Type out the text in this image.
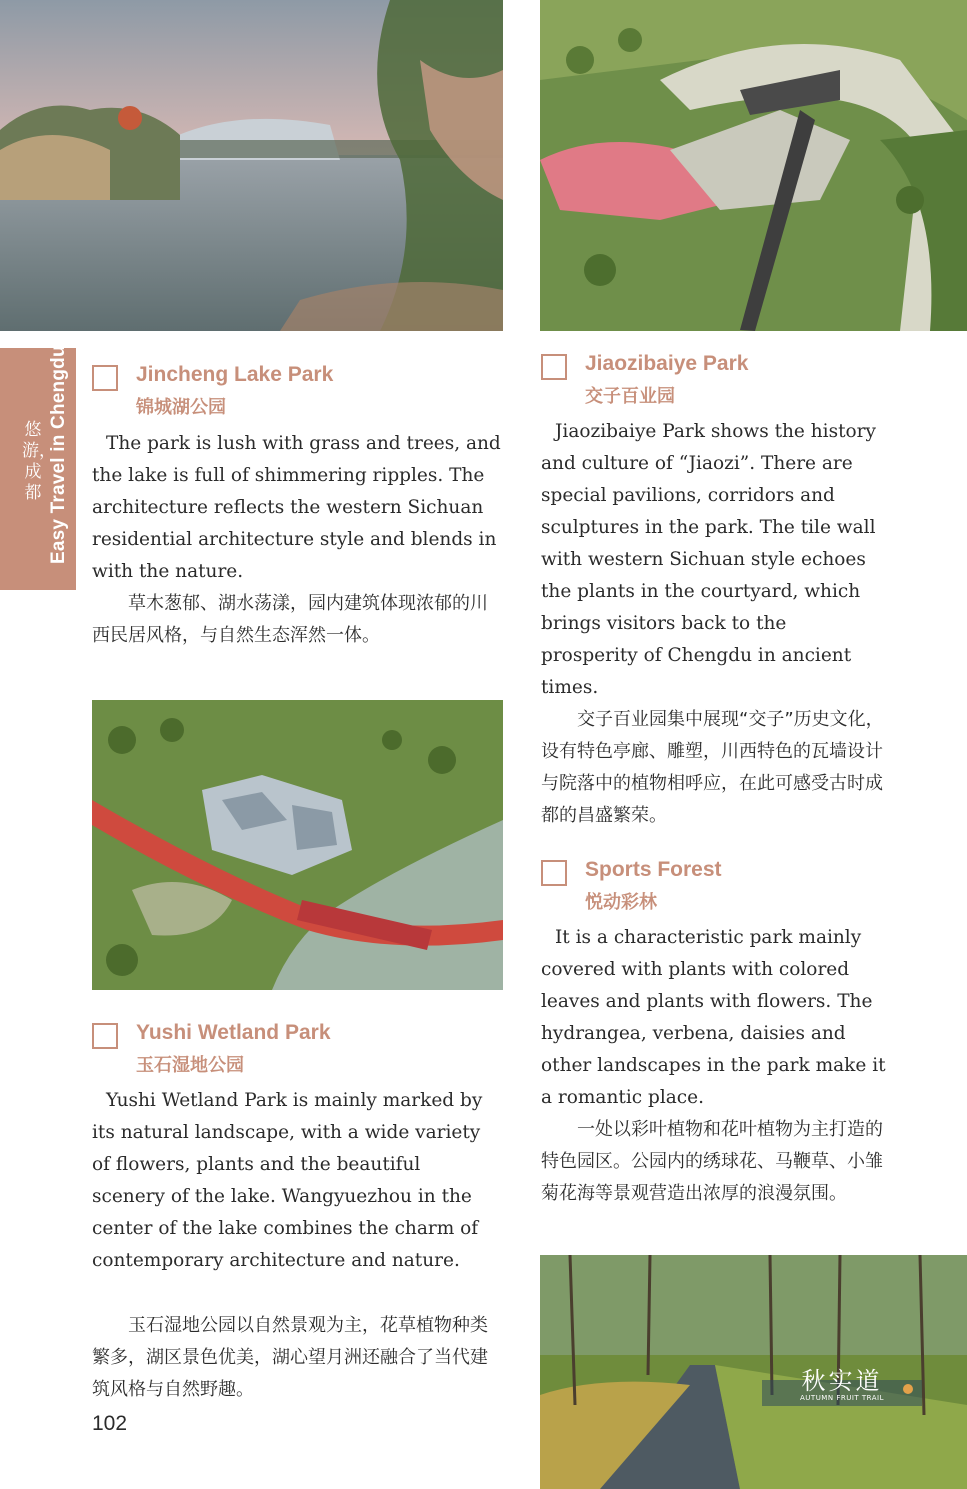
Easy Travel in Chengdu
悠游，成都
Jincheng Lake Park
锦城湖公园

The park is lush with grass and trees, and the lake is full of shimmering ripples. The architecture reflects the western Sichuan residential architecture style and blends in with the nature.

草木葱郁、湖水荡漾，园内建筑体现浓郁的川西民居风格，与自然生态浑然一体。

Yushi Wetland Park
玉石湿地公园

Yushi Wetland Park is mainly marked by its natural landscape, with a wide variety of flowers, plants and the beautiful scenery of the lake. Wangyuezhou in the center of the lake combines the charm of contemporary architecture and nature.

玉石湿地公园以自然景观为主，花草植物种类繁多，湖区景色优美，湖心望月洲还融合了当代建筑风格与自然野趣。

102
Jiaozibaiye Park
交子百业园

Jiaozibaiye Park shows the history and culture of “Jiaozi”. There are special pavilions, corridors and sculptures in the park. The tile wall with western Sichuan style echoes the plants in the courtyard, which brings visitors back to the prosperity of Chengdu in ancient times.

交子百业园集中展现“交子”历史文化，设有特色亭廊、雕塑，川西特色的瓦墙设计与院落中的植物相呼应，在此可感受古时成都的昌盛繁荣。

Sports Forest
悦动彩林

It is a characteristic park mainly covered with plants with colored leaves and plants with flowers. The hydrangea, verbena, daisies and other landscapes in the park make it a romantic place.

一处以彩叶植物和花叶植物为主打造的特色园区。公园内的绣球花、马鞭草、小雏菊花海等景观营造出浓厚的浪漫氛围。

秋实道
AUTUMN FRUIT TRAIL
